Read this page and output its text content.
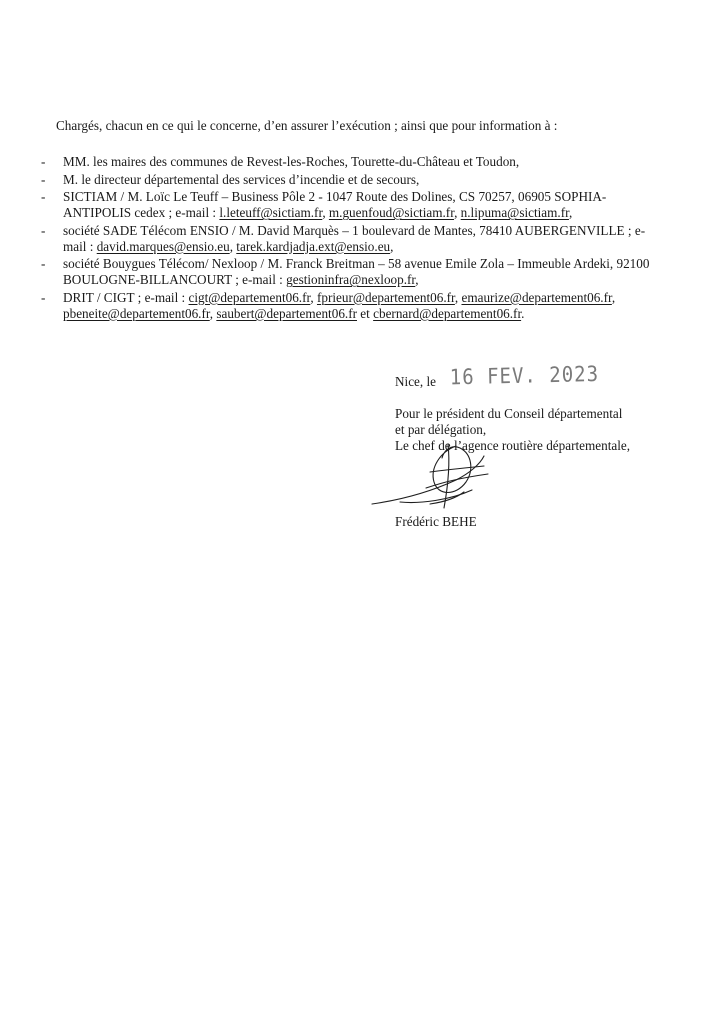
Chargés, chacun en ce qui le concerne, d’en assurer l’exécution ; ainsi que pour information à :

- MM. les maires des communes de Revest-les-Roches, Tourette-du-Château et Toudon,
- M. le directeur départemental des services d’incendie et de secours,
- SICTIAM / M. Loïc Le Teuff – Business Pôle 2 - 1047 Route des Dolines, CS 70257, 06905 SOPHIA-
ANTIPOLIS cedex ; e-mail : l.leteuff@sictiam.fr, m.guenfoud@sictiam.fr, n.lipuma@sictiam.fr,
- société SADE Télécom ENSIO / M. David Marquès – 1 boulevard de Mantes, 78410 AUBERGENVILLE ; e-
mail : david.marques@ensio.eu, tarek.kardjadja.ext@ensio.eu,
- société Bouygues Télécom/ Nexloop / M. Franck Breitman – 58 avenue Emile Zola – Immeuble Ardeki, 92100
BOULOGNE-BILLANCOURT ; e-mail : gestioninfra@nexloop.fr,
- DRIT / CIGT ; e-mail : cigt@departement06.fr, fprieur@departement06.fr, emaurize@departement06.fr,
pbeneite@departement06.fr, saubert@departement06.fr et cbernard@departement06.fr.
Nice, le 16 FEV. 2023
Pour le président du Conseil départemental
et par délégation,
Le chef de l’agence routière départementale,
Frédéric BEHE
